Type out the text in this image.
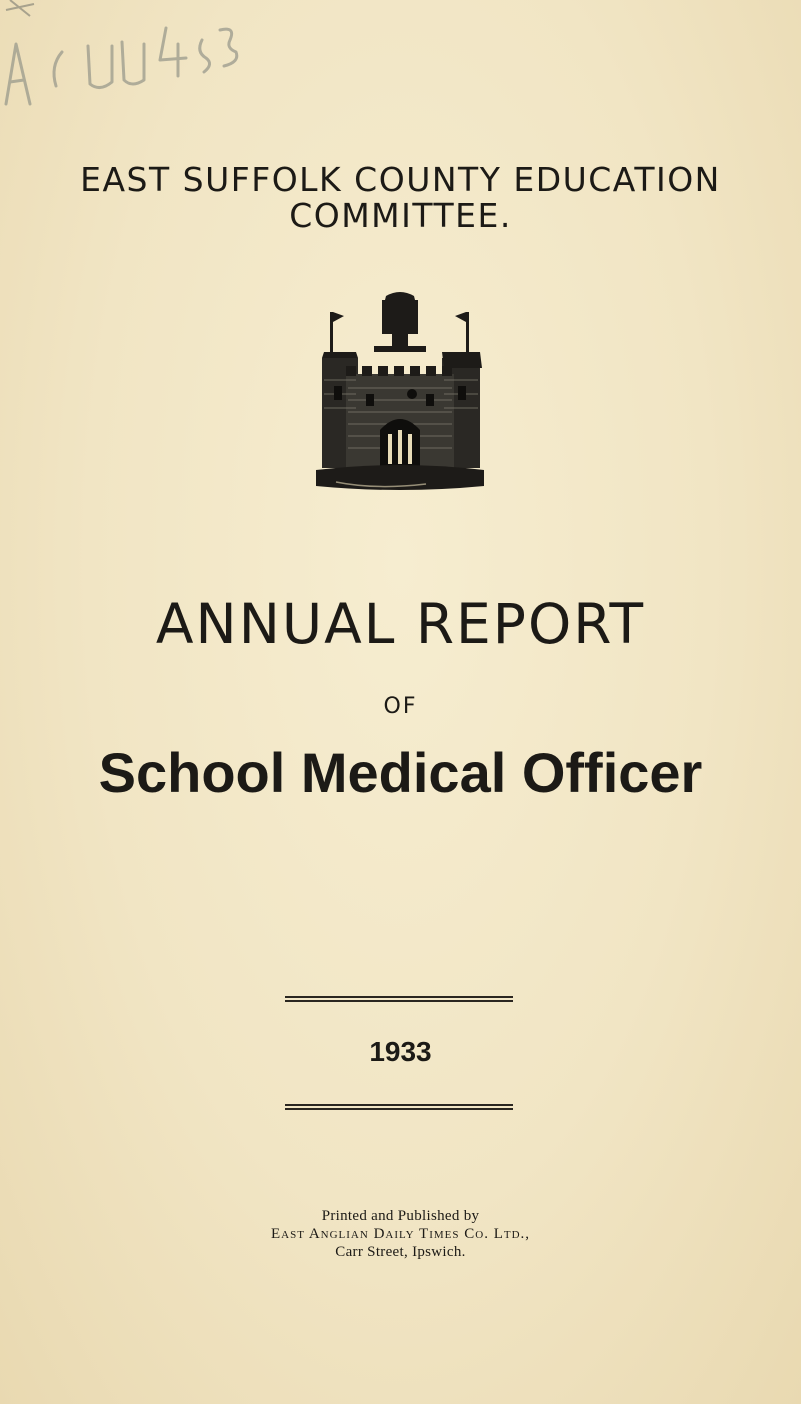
EAST SUFFOLK COUNTY EDUCATION
COMMITTEE.
ANNUAL REPORT
OF
School Medical Officer
1933
Printed and Published by
East Anglian Daily Times Co. Ltd.,
Carr Street, Ipswich.
